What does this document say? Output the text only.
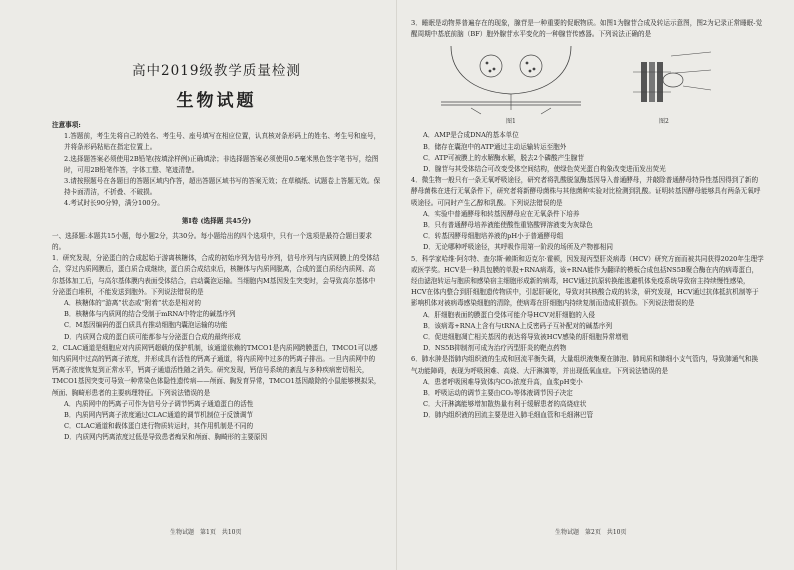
高中2019级教学质量检测
生物试题
注意事项:

1.答题前，考生先将自己的姓名、考生号、座号填写在相应位置，认真核对条形码上的姓名、考生号和座号，并将条形码粘贴在指定位置上。

2.选择题答案必须使用2B铅笔(按填涂样例)正确填涂；非选择题答案必须使用0.5毫米黑色签字笔书写，绘图时，可用2B铅笔作答，字体工整、笔迹清楚。

3.请按照题号在各题目的答题区域内作答，超出答题区域书写的答案无效；在草稿纸、试题卷上答题无效。保持卡面清洁，不折叠、不破损。

4.考试时长90分钟，满分100分。

第Ⅰ卷 (选择题 共45分)

一、选择题:本题共15小题，每小题2分，共30分。每小题给出的四个选项中，只有一个选项是最符合题目要求的。

1．研究发现，分泌蛋白的合成起始于游离核糖体，合成的初始序列为信号序列，信号序列与内质网膜上的受体结合，穿过内质网膜后，蛋白质合成继续，蛋白质合成结束后，核糖体与内质网脱离，合成的蛋白质经内质网、高尔基体加工后，与高尔基体膜内表面受体结合，启动囊泡运输。当细胞内M基因发生突变时，会导致高尔基体中分泌蛋白堆积，不能发送到胞外。下列说法错误的是

A．核糖体的“游离”状态或“附着”状态是相对的

B．核糖体与内质网的结合受制于mRNA中特定的碱基序列

C．M基因编码的蛋白质具有推动细胞内囊泡运输的功能

D．内质网合成的蛋白质可能都参与分泌蛋白合成的最终形成

2．CLAC通道是细胞应对内质网钙超载的保护机制，该通道依赖的TMCO1是内质网跨膜蛋白，TMCO1可以感知内质网中过高的钙离子浓度，并形成具有活性的钙离子通道，将内质网中过多的钙离子排出。一旦内质网中的钙离子浓度恢复到正常水平，钙离子通道活性随之消失。研究发现，钙信号系统的紊乱与多种疾病密切相关，TMCO1基因突变可导致一种常染色体隐性遗传病——颅面、胸发育异常，TMCO1基因敲除的小鼠能够模拟呆，颅面、胸畸形患者的主要病理特征。下列说法错误的是

A．内质网中的钙离子可作为信号分子调节钙离子通道蛋白的活性

B．内质网内钙离子浓度通过CLAC通道的调节机制位于反馈调节

C．CLAC通道和载体蛋白进行物质转运时，其作用机制是不同的

D．内质网内钙离浓度过低是导致患者痴呆和颅面、胸畸形的主要原因

生物试题　第1页　共10页

3．睡眠是动物界普遍存在的现象，腺苷是一种重要的促眠物质。如图1为腺苷合成及转运示意图，图2为记录正常睡眠-觉醒周期中基底前脑（BF）胞外腺苷水平变化的一种腺苷传感器。下列说法正确的是

图1	图2

A．AMP是合成DNA的基本单位

B．储存在囊泡中的ATP通过主动运输转运至胞外

C．ATP可被膜上的水解酶水解，脱去2个磷酸产生腺苷

D．腺苷与其受体结合可改变受体空间结构，使绿色荧光蛋白构象改变进而发出荧光

4．微生物一般只有一条无氧呼吸途径，研究者将乳酸脱氢酶基因导入普通酵母，并敲除普通酵母特异性基因得到了新的酵母菌株在进行无氧条件下，研究者将新酵母菌株与其他菌种实验对比检测到乳酸。证明转基因酵母能够具有两条无氧呼吸途径。可同时产生乙醇和乳酸。下列说法错误的是

A．实验中普通酵母和转基因酵母应在无氧条件下培养

B．只有普通酵母培养液能使酸性重铬酸钾溶液变为灰绿色

C．转基因酵母细胞培养液的pH小于普通酵母组

D．无论哪种呼吸途径，其呼吸作用第一阶段的场所及产物都相同

5．科学家哈维·阿尔特、查尔斯·赖斯和迈克尔·霍顿，因发现丙型肝炎病毒（HCV）研究方面而被共同获得2020年生理学或医学奖。HCV是一种具包膜的单股+RNA病毒，该+RNA能作为翻译的模板合成包括NS5B聚合酶在内的病毒蛋白，经由滤泡转运与胞质和感染宿主细胞形成新的病毒，HCV通过抗原转换能逃避机体免疫系统导致宿主持续慢性感染，HCV在体内整合到肝细胞遗传物质中，引起肝硬化，导致对其核酸合成的转录，研究发现，HCV通过抗体抵抗机制等于影响机体对被病毒感染细胞的清除，使病毒在肝细胞内持续复制而造成肝损伤。下列说法错误的是

A．肝细胞表面的膜蛋白受体可能介导HCV对肝细胞的入侵

B．该病毒+RNA上含有与tRNA上反密码子互补配对的碱基序列

C．促进细胞凋亡相关基因的表达将导致被HCV感染的肝细胞异常增殖

D．NS5B抑制剂可成为治疗丙型肝炎的靶点药物

6．肺水肿是指肺内组织液的生成和回流平衡失调，大量组织液集聚在肺泡、肺间质和肺细小支气管内，导致肺通气和换气功能障碍，表现为呼吸困难、高烧、大汗淋漓等，并出现低氧血症。下列说法错误的是

A．患者呼吸困难导致体内CO₂浓度升高，血浆pH变小

B．呼吸运动的调节主要由CO₂等体液调节因子决定

C．大汗淋漓能够增加散热量有利于缓解患者的高烧症状

D．肺内组织液的回流主要是进入肺毛细血管和毛细淋巴管

生物试题　第2页　共10页
